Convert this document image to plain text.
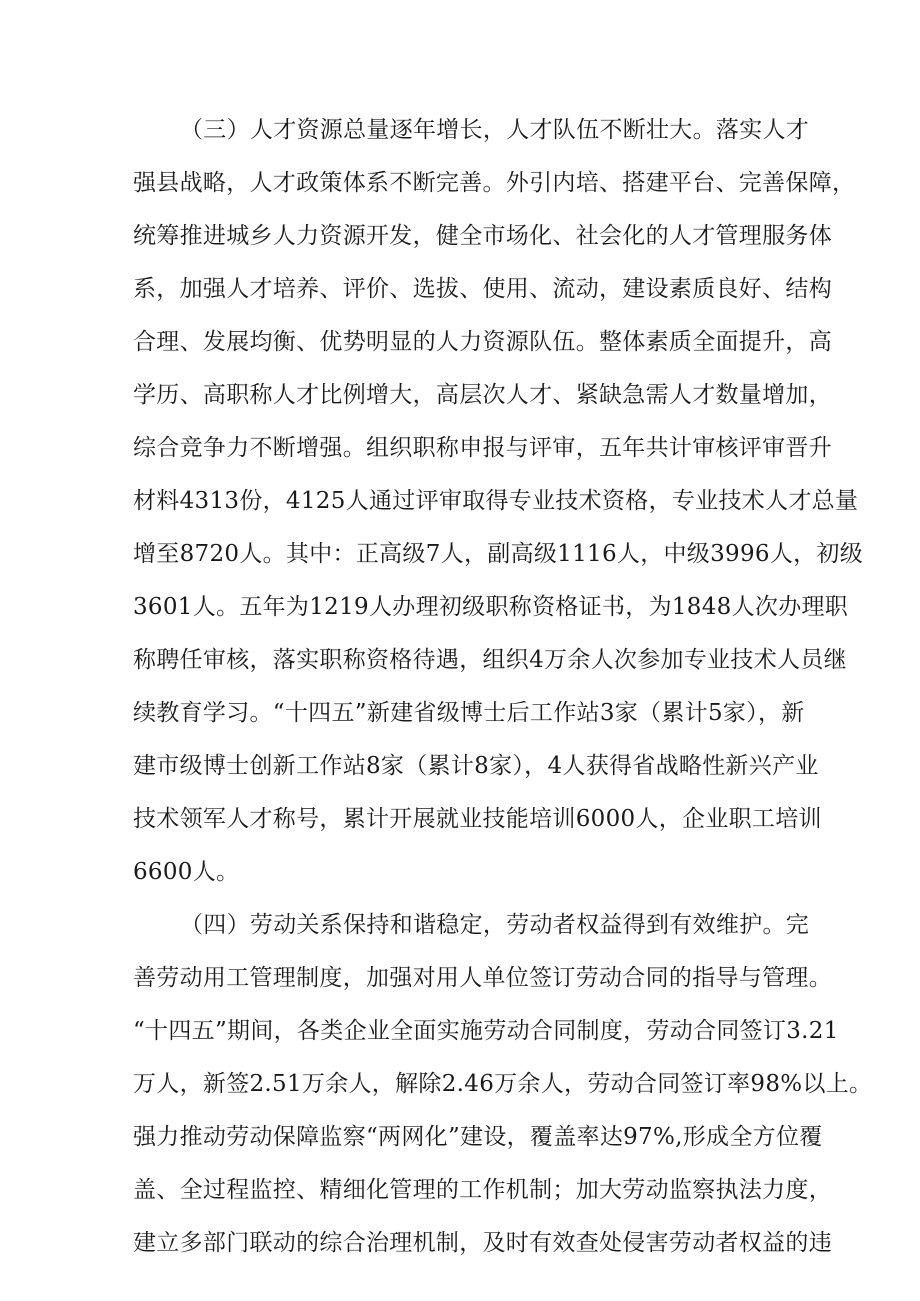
（三）人才资源总量逐年增长，人才队伍不断壮大。落实人才
强县战略，人才政策体系不断完善。外引内培、搭建平台、完善保障，
统筹推进城乡人力资源开发，健全市场化、社会化的人才管理服务体
系，加强人才培养、评价、选拔、使用、流动，建设素质良好、结构
合理、发展均衡、优势明显的人力资源队伍。整体素质全面提升，高
学历、高职称人才比例增大，高层次人才、紧缺急需人才数量增加，
综合竞争力不断增强。组织职称申报与评审，五年共计审核评审晋升
材料4313份，4125人通过评审取得专业技术资格，专业技术人才总量
增至8720人。其中：正高级7人，副高级1116人，中级3996人，初级
3601人。五年为1219人办理初级职称资格证书，为1848人次办理职
称聘任审核，落实职称资格待遇，组织4万余人次参加专业技术人员继
续教育学习。“十四五”新建省级博士后工作站3家（累计5家），新
建市级博士创新工作站8家（累计8家），4人获得省战略性新兴产业
技术领军人才称号，累计开展就业技能培训6000人，企业职工培训
6600人。
（四）劳动关系保持和谐稳定，劳动者权益得到有效维护。完
善劳动用工管理制度，加强对用人单位签订劳动合同的指导与管理。
“十四五”期间，各类企业全面实施劳动合同制度，劳动合同签订3.21
万人，新签2.51万余人，解除2.46万余人，劳动合同签订率98%以上。
强力推动劳动保障监察“两网化”建设，覆盖率达97%,形成全方位覆
盖、全过程监控、精细化管理的工作机制；加大劳动监察执法力度，
建立多部门联动的综合治理机制，及时有效查处侵害劳动者权益的违
